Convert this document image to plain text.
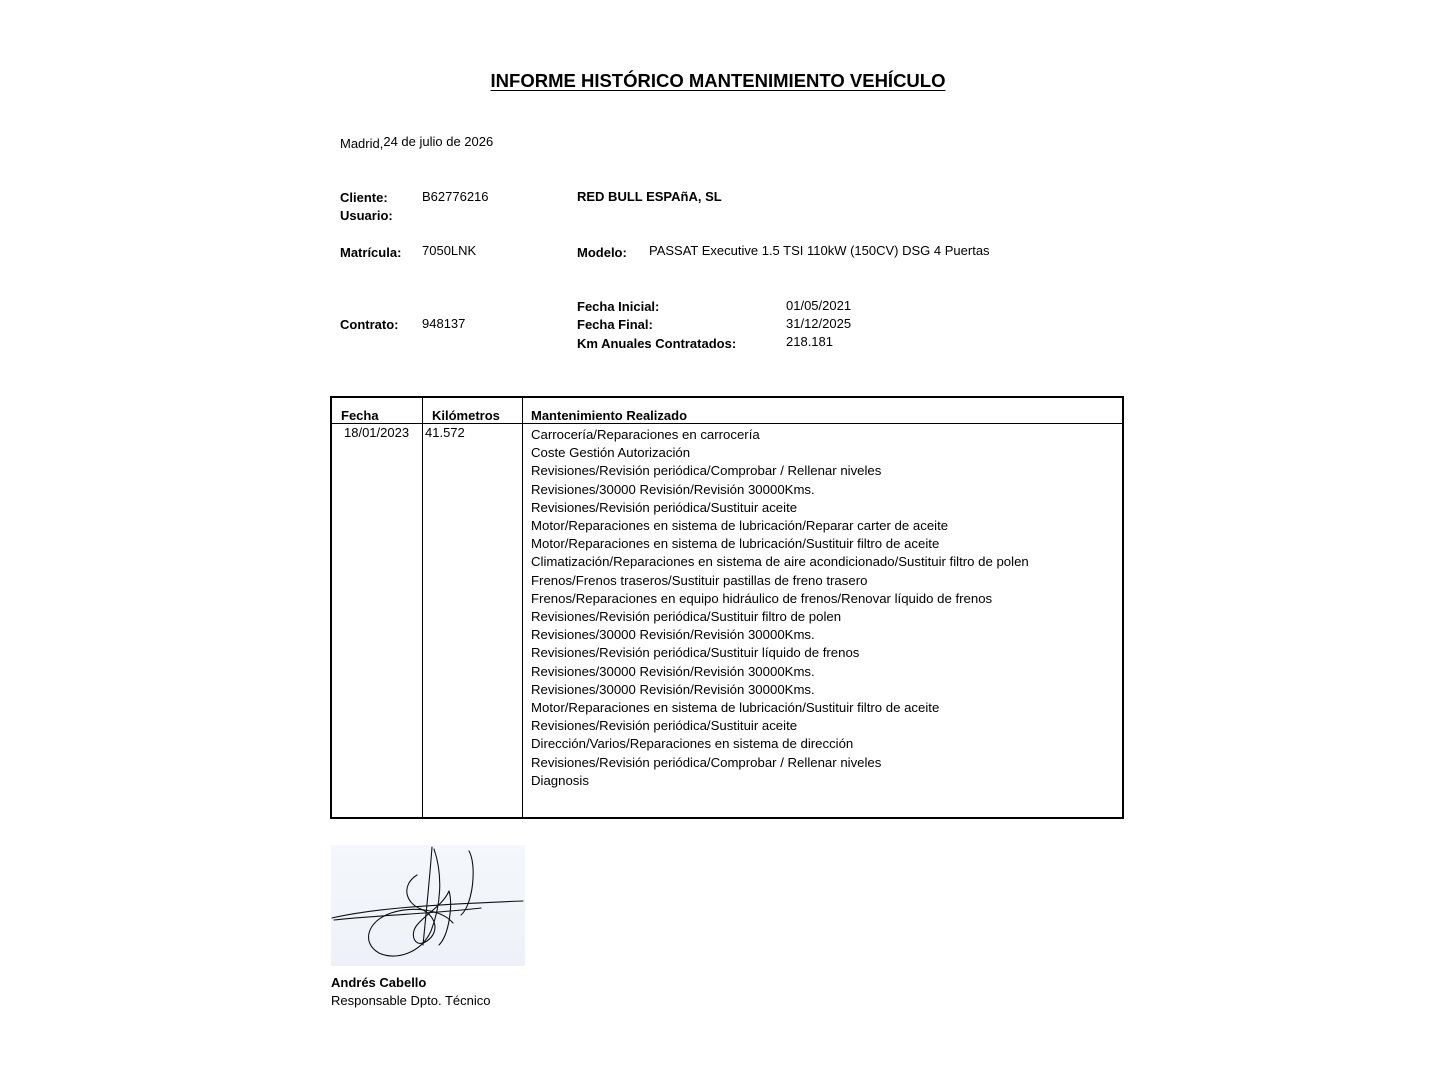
INFORME HISTÓRICO MANTENIMIENTO VEHÍCULO
Madrid,24 de julio de 2026
Cliente:	B62776216	RED BULL ESPAñA, SL
Usuario:
Matrícula: 7050LNK	Modelo: PASSAT Executive 1.5 TSI 110kW (150CV) DSG 4 Puertas
Contrato: 948137
Fecha Inicial:	01/05/2021
Fecha Final:	31/12/2025
Km Anuales Contratados:	218.181
Fecha	Kilómetros Mantenimiento Realizado
18/01/2023 41.572	Carrocería/Reparaciones en carrocería
Coste Gestión Autorización
Revisiones/Revisión periódica/Comprobar / Rellenar niveles
Revisiones/30000 Revisión/Revisión 30000Kms.
Revisiones/Revisión periódica/Sustituir aceite
Motor/Reparaciones en sistema de lubricación/Reparar carter de aceite
Motor/Reparaciones en sistema de lubricación/Sustituir filtro de aceite
Climatización/Reparaciones en sistema de aire acondicionado/Sustituir filtro de polen
Frenos/Frenos traseros/Sustituir pastillas de freno trasero
Frenos/Reparaciones en equipo hidráulico de frenos/Renovar líquido de frenos
Revisiones/Revisión periódica/Sustituir filtro de polen
Revisiones/30000 Revisión/Revisión 30000Kms.
Revisiones/Revisión periódica/Sustituir líquido de frenos
Revisiones/30000 Revisión/Revisión 30000Kms.
Revisiones/30000 Revisión/Revisión 30000Kms.
Motor/Reparaciones en sistema de lubricación/Sustituir filtro de aceite
Revisiones/Revisión periódica/Sustituir aceite
Dirección/Varios/Reparaciones en sistema de dirección
Revisiones/Revisión periódica/Comprobar / Rellenar niveles
Diagnosis
Andrés Cabello
Responsable Dpto. Técnico
